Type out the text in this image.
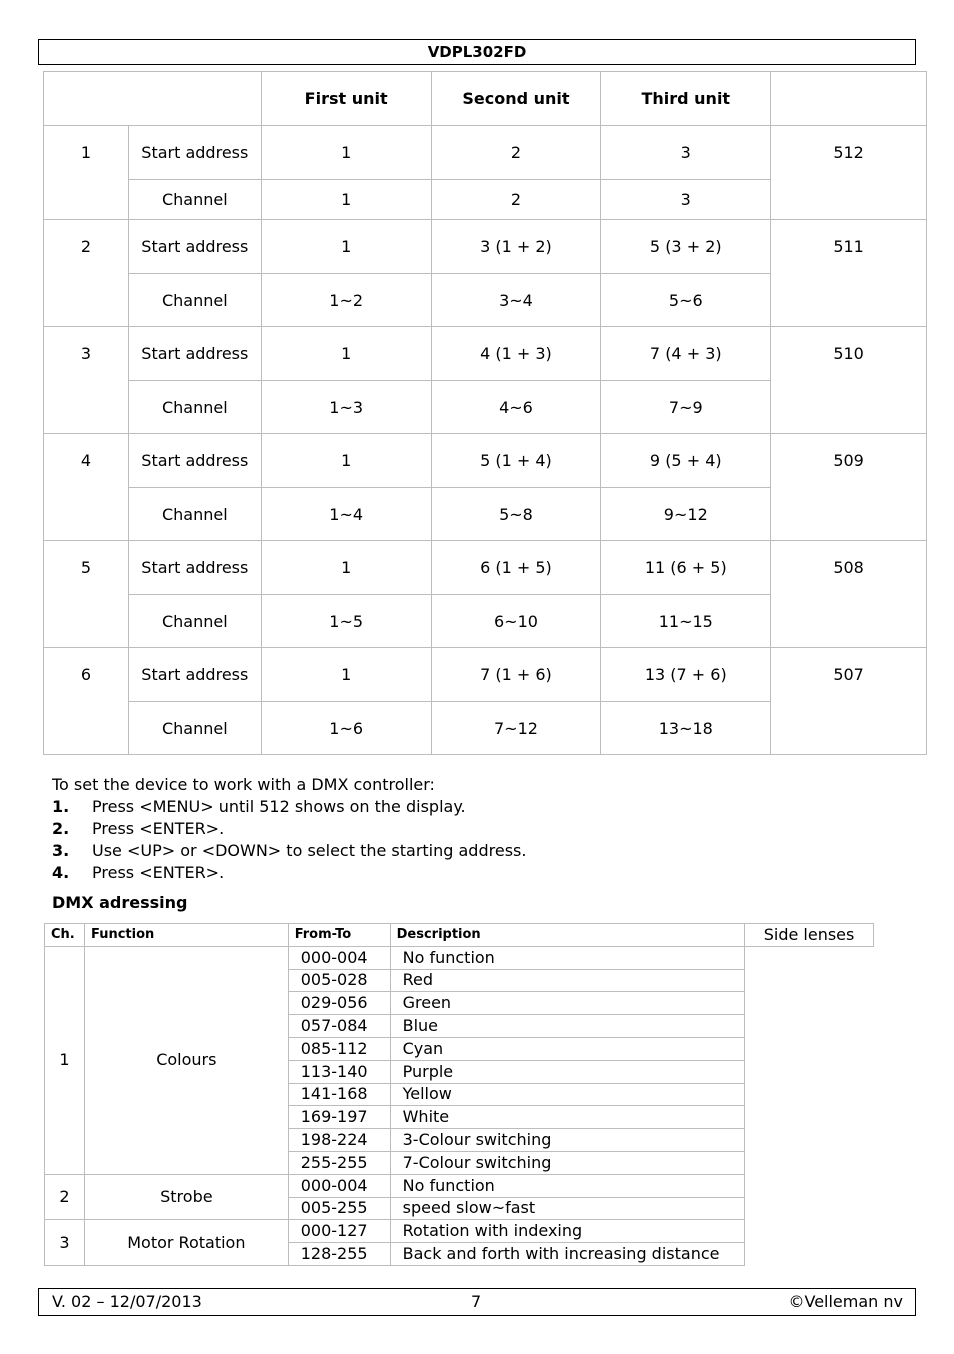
VDPL302FD
		First unit	Second unit	Third unit	
1	Start address	1	2	3	512
	Channel	1	2	3	
2	Start address	1	3 (1 + 2)	5 (3 + 2)	511
	Channel	1~2	3~4	5~6	
3	Start address	1	4 (1 + 3)	7 (4 + 3)	510
	Channel	1~3	4~6	7~9	
4	Start address	1	5 (1 + 4)	9 (5 + 4)	509
	Channel	1~4	5~8	9~12	
5	Start address	1	6 (1 + 5)	11 (6 + 5)	508
	Channel	1~5	6~10	11~15	
6	Start address	1	7 (1 + 6)	13 (7 + 6)	507
	Channel	1~6	7~12	13~18	
To set the device to work with a DMX controller:
1.	Press <MENU> until 512 shows on the display.
2.	Press <ENTER>.
3.	Use <UP> or <DOWN> to select the starting address.
4.	Press <ENTER>.
DMX adressing
Ch.	Function	From-To	Description	Side lenses
1	Colours	000-004	No function	
		005-028	Red	
		029-056	Green	
		057-084	Blue	
		085-112	Cyan	
		113-140	Purple	
		141-168	Yellow	
		169-197	White	
		198-224	3-Colour switching	
		255-255	7-Colour switching	
2	Strobe	000-004	No function	
		005-255	speed slow~fast	
3	Motor Rotation	000-127	Rotation with indexing	
		128-255	Back and forth with increasing distance	
V. 02 – 12/07/2013	7	©Velleman nv
